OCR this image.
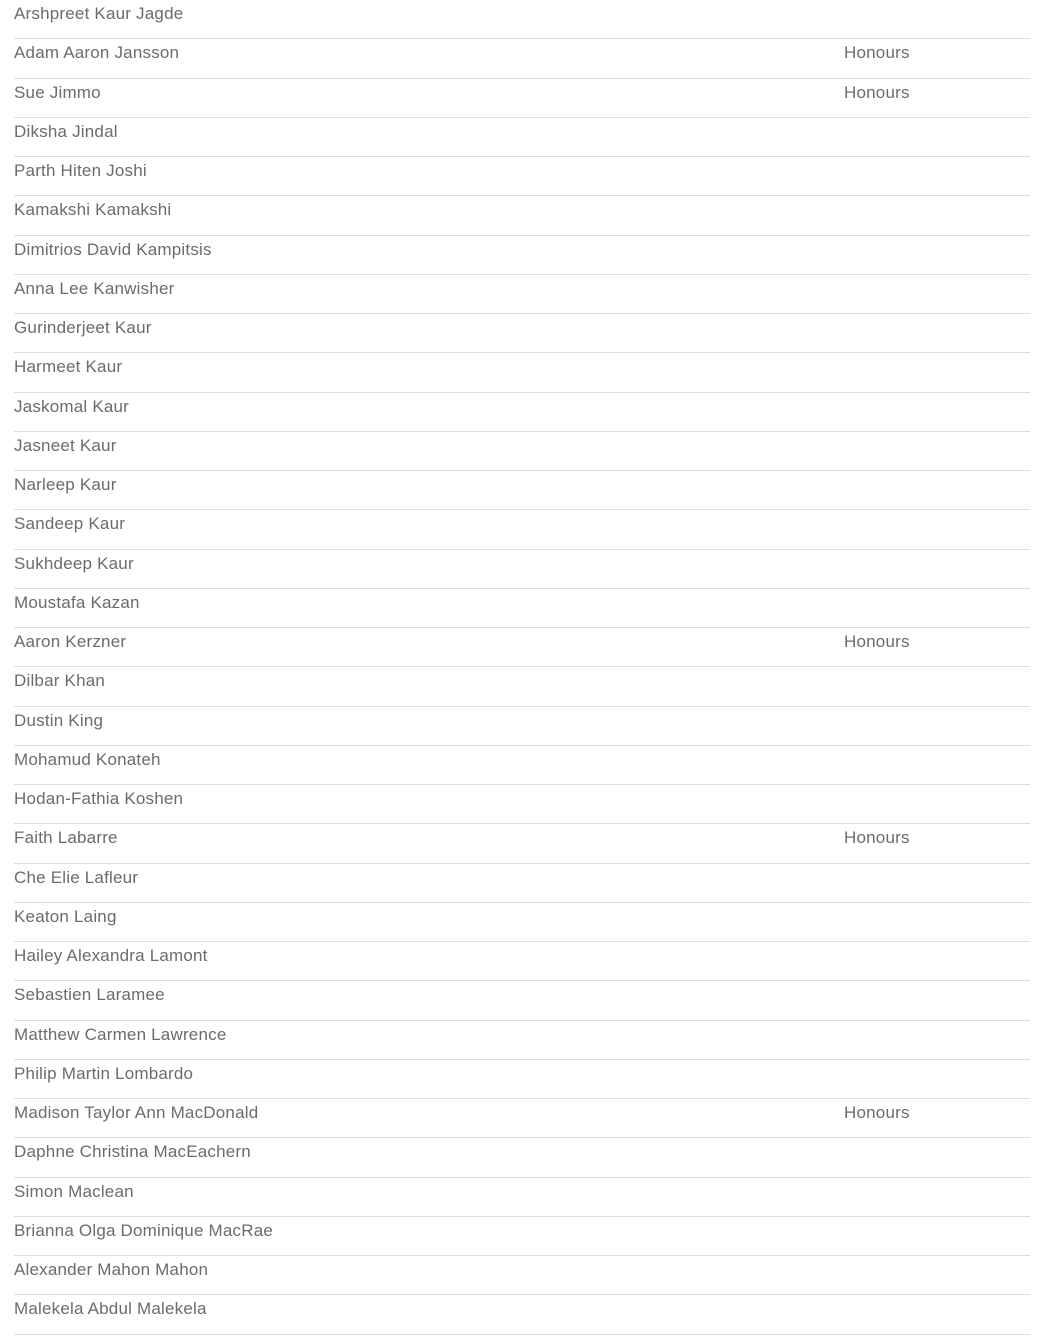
Arshpreet Kaur Jagde
Adam Aaron Jansson	Honours
Sue Jimmo	Honours
Diksha Jindal
Parth Hiten Joshi
Kamakshi Kamakshi
Dimitrios David Kampitsis
Anna Lee Kanwisher
Gurinderjeet Kaur
Harmeet Kaur
Jaskomal Kaur
Jasneet Kaur
Narleep Kaur
Sandeep Kaur
Sukhdeep Kaur
Moustafa Kazan
Aaron Kerzner	Honours
Dilbar Khan
Dustin King
Mohamud Konateh
Hodan-Fathia Koshen
Faith Labarre	Honours
Che Elie Lafleur
Keaton Laing
Hailey Alexandra Lamont
Sebastien Laramee
Matthew Carmen Lawrence
Philip Martin Lombardo
Madison Taylor Ann MacDonald	Honours
Daphne Christina MacEachern
Simon Maclean
Brianna Olga Dominique MacRae
Alexander Mahon Mahon
Malekela Abdul Malekela
